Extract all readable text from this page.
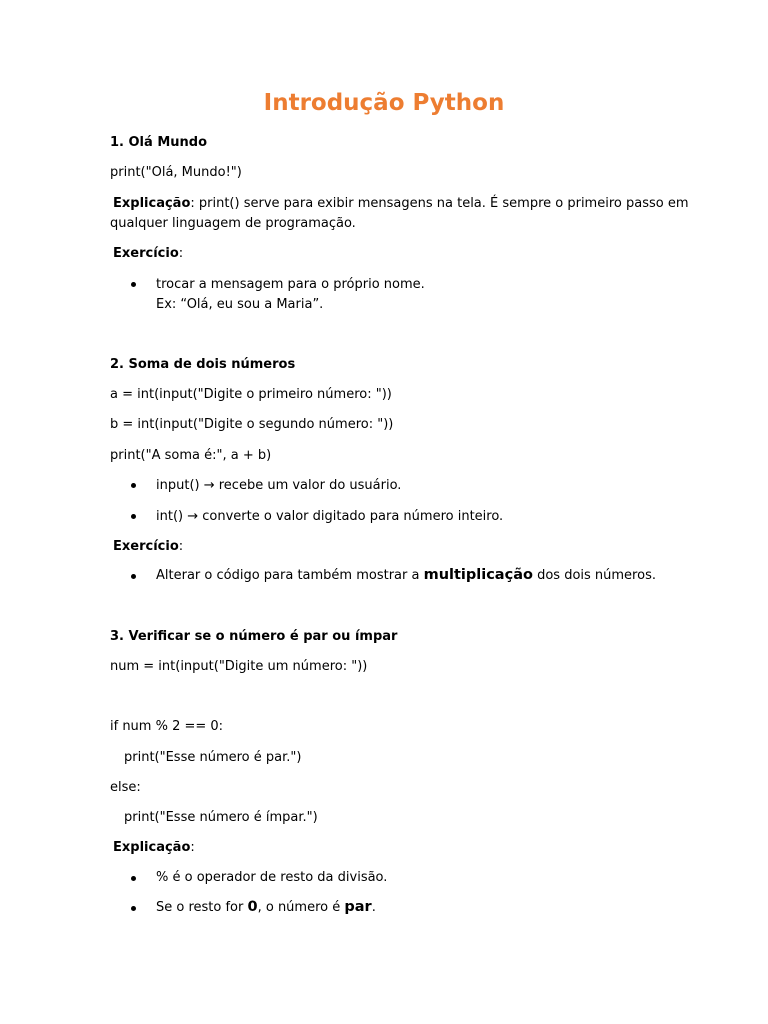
Introdução Python

1. Olá Mundo

print("Olá, Mundo!")

Explicação: print() serve para exibir mensagens na tela. É sempre o primeiro passo em

qualquer linguagem de programação.

Exercício:

trocar a mensagem para o próprio nome.

Ex: “Olá, eu sou a Maria”.

2. Soma de dois números

a = int(input("Digite o primeiro número: "))

b = int(input("Digite o segundo número: "))

print("A soma é:", a + b)

input() → recebe um valor do usuário.

int() → converte o valor digitado para número inteiro.

Exercício:

Alterar o código para também mostrar a multiplicação dos dois números.

3. Verificar se o número é par ou ímpar

num = int(input("Digite um número: "))

if num % 2 == 0:

print("Esse número é par.")

else:

print("Esse número é ímpar.")

Explicação:

% é o operador de resto da divisão.

Se o resto for 0, o número é par.
